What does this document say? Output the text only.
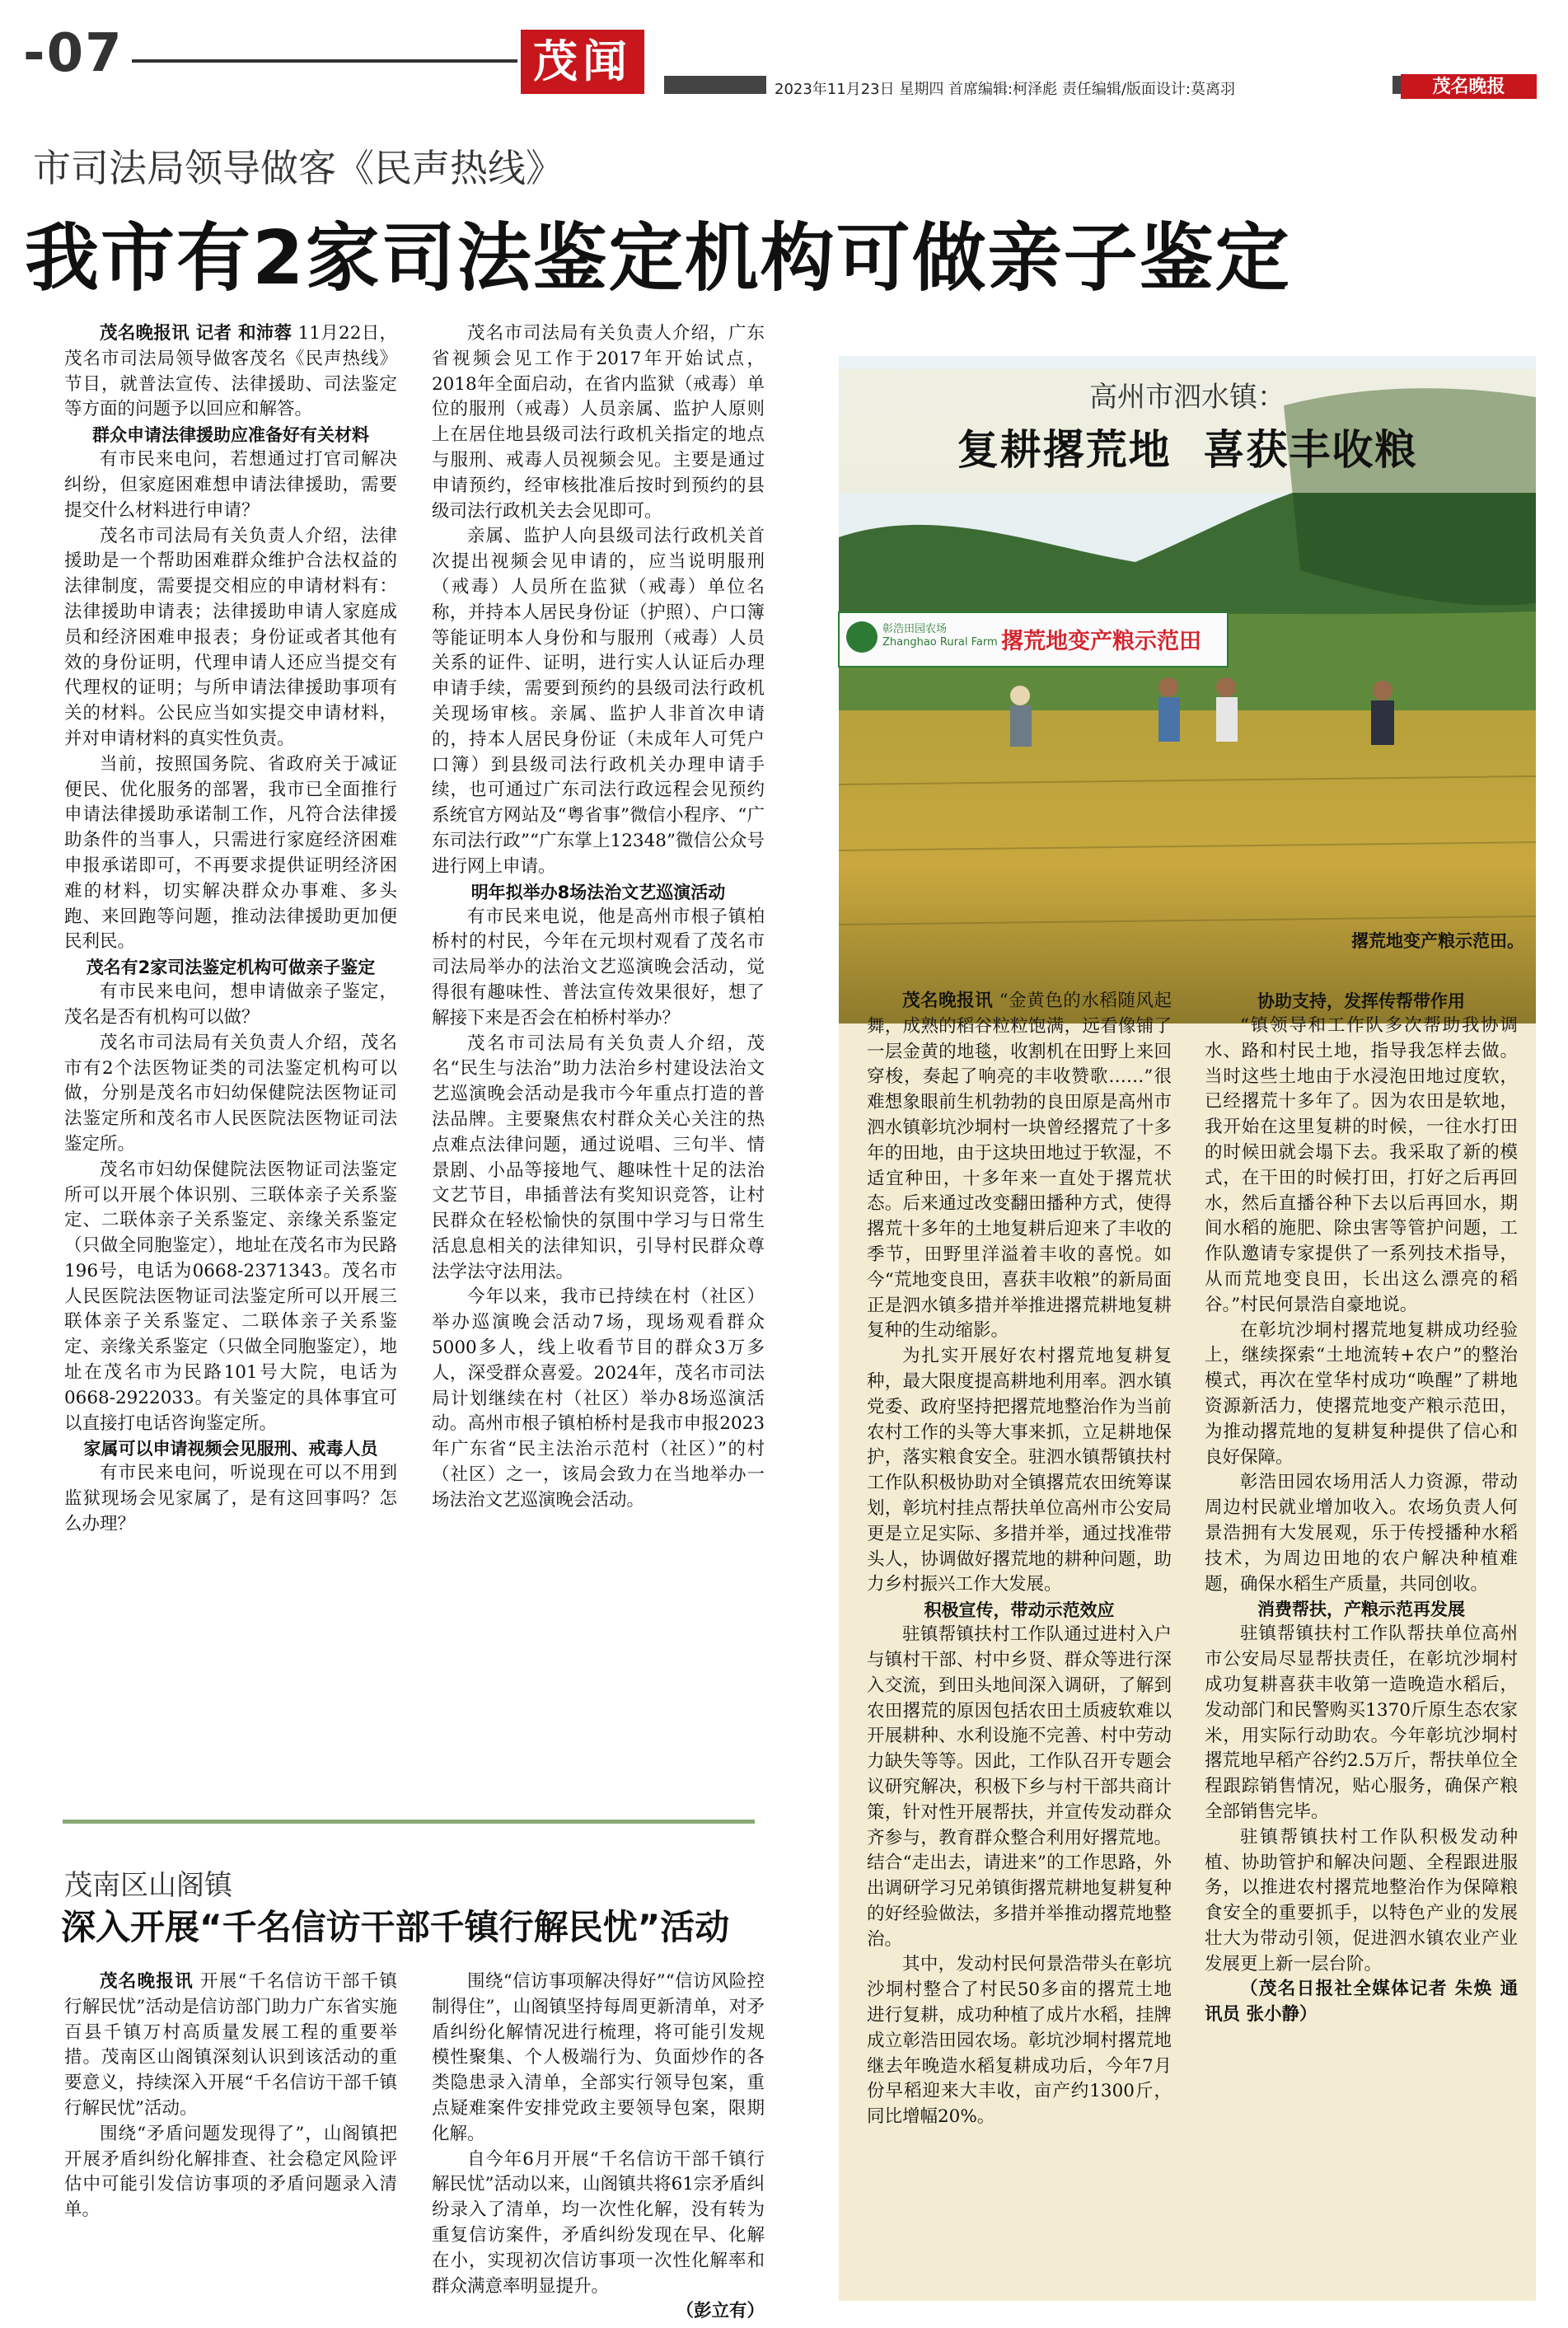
-07	茂闻
2023年11月23日 星期四 首席编辑:柯泽彪 责任编辑/版面设计:莫离羽	茂名晚报
市司法局领导做客《民声热线》
我市有2家司法鉴定机构可做亲子鉴定

茂名晚报讯 记者 和沛蓉 11月22日，茂名市司法局领导做客茂名《民声热线》节目，就普法宣传、法律援助、司法鉴定等方面的问题予以回应和解答。

群众申请法律援助应准备好有关材料

有市民来电问，若想通过打官司解决纠纷，但家庭困难想申请法律援助，需要提交什么材料进行申请？

茂名市司法局有关负责人介绍，法律援助是一个帮助困难群众维护合法权益的法律制度，需要提交相应的申请材料有：法律援助申请表；法律援助申请人家庭成员和经济困难申报表；身份证或者其他有效的身份证明，代理申请人还应当提交有代理权的证明；与所申请法律援助事项有关的材料。公民应当如实提交申请材料，并对申请材料的真实性负责。

当前，按照国务院、省政府关于减证便民、优化服务的部署，我市已全面推行申请法律援助承诺制工作，凡符合法律援助条件的当事人，只需进行家庭经济困难申报承诺即可，不再要求提供证明经济困难的材料，切实解决群众办事难、多头跑、来回跑等问题，推动法律援助更加便民利民。

茂名有2家司法鉴定机构可做亲子鉴定

有市民来电问，想申请做亲子鉴定，茂名是否有机构可以做？

茂名市司法局有关负责人介绍，茂名市有2个法医物证类的司法鉴定机构可以做，分别是茂名市妇幼保健院法医物证司法鉴定所和茂名市人民医院法医物证司法鉴定所。

茂名市妇幼保健院法医物证司法鉴定所可以开展个体识别、三联体亲子关系鉴定、二联体亲子关系鉴定、亲缘关系鉴定（只做全同胞鉴定），地址在茂名市为民路196号，电话为0668-2371343。茂名市人民医院法医物证司法鉴定所可以开展三联体亲子关系鉴定、二联体亲子关系鉴定、亲缘关系鉴定（只做全同胞鉴定），地址在茂名市为民路101号大院，电话为0668-2922033。有关鉴定的具体事宜可以直接打电话咨询鉴定所。

家属可以申请视频会见服刑、戒毒人员

有市民来电问，听说现在可以不用到监狱现场会见家属了，是有这回事吗？怎么办理？

茂名市司法局有关负责人介绍，广东省视频会见工作于2017年开始试点，2018年全面启动，在省内监狱（戒毒）单位的服刑（戒毒）人员亲属、监护人原则上在居住地县级司法行政机关指定的地点与服刑、戒毒人员视频会见。主要是通过申请预约，经审核批准后按时到预约的县级司法行政机关去会见即可。

亲属、监护人向县级司法行政机关首次提出视频会见申请的，应当说明服刑（戒毒）人员所在监狱（戒毒）单位名称，并持本人居民身份证（护照）、户口簿等能证明本人身份和与服刑（戒毒）人员关系的证件、证明，进行实人认证后办理申请手续，需要到预约的县级司法行政机关现场审核。亲属、监护人非首次申请的，持本人居民身份证（未成年人可凭户口簿）到县级司法行政机关办理申请手续，也可通过广东司法行政远程会见预约系统官方网站及“粤省事”微信小程序、“广东司法行政”“广东掌上12348”微信公众号进行网上申请。

明年拟举办8场法治文艺巡演活动

有市民来电说，他是高州市根子镇柏桥村的村民，今年在元坝村观看了茂名市司法局举办的法治文艺巡演晚会活动，觉得很有趣味性、普法宣传效果很好，想了解接下来是否会在柏桥村举办？

茂名市司法局有关负责人介绍，茂名“民生与法治”助力法治乡村建设法治文艺巡演晚会活动是我市今年重点打造的普法品牌。主要聚焦农村群众关心关注的热点难点法律问题，通过说唱、三句半、情景剧、小品等接地气、趣味性十足的法治文艺节目，串插普法有奖知识竞答，让村民群众在轻松愉快的氛围中学习与日常生活息息相关的法律知识，引导村民群众尊法学法守法用法。

今年以来，我市已持续在村（社区）举办巡演晚会活动7场，现场观看群众5000多人，线上收看节目的群众3万多人，深受群众喜爱。2024年，茂名市司法局计划继续在村（社区）举办8场巡演活动。高州市根子镇柏桥村是我市申报2023年广东省“民主法治示范村（社区）”的村（社区）之一，该局会致力在当地举办一场法治文艺巡演晚会活动。

茂南区山阁镇
深入开展“千名信访干部千镇行解民忧”活动

茂名晚报讯 开展“千名信访干部千镇行解民忧”活动是信访部门助力广东省实施百县千镇万村高质量发展工程的重要举措。茂南区山阁镇深刻认识到该活动的重要意义，持续深入开展“千名信访干部千镇行解民忧”活动。

围绕“矛盾问题发现得了”，山阁镇把开展矛盾纠纷化解排查、社会稳定风险评估中可能引发信访事项的矛盾问题录入清单。

围绕“信访事项解决得好”“信访风险控制得住”，山阁镇坚持每周更新清单，对矛盾纠纷化解情况进行梳理，将可能引发规模性聚集、个人极端行为、负面炒作的各类隐患录入清单，全部实行领导包案，重点疑难案件安排党政主要领导包案，限期化解。

自今年6月开展“千名信访干部千镇行解民忧”活动以来，山阁镇共将61宗矛盾纠纷录入了清单，均一次性化解，没有转为重复信访案件，矛盾纠纷发现在早、化解在小，实现初次信访事项一次性化解率和群众满意率明显提升。

（彭立有）

彰浩田园农场 Zhanghao Rural Farm 撂荒地变产粮示范田
高州市泗水镇：
复耕撂荒地  喜获丰收粮
撂荒地变产粮示范田。

茂名晚报讯 “金黄色的水稻随风起舞，成熟的稻谷粒粒饱满，远看像铺了一层金黄的地毯，收割机在田野上来回穿梭，奏起了响亮的丰收赞歌……”很难想象眼前生机勃勃的良田原是高州市泗水镇彰坑沙垌村一块曾经撂荒了十多年的田地，由于这块田地过于软湿，不适宜种田，十多年来一直处于撂荒状态。后来通过改变翻田播种方式，使得撂荒十多年的土地复耕后迎来了丰收的季节，田野里洋溢着丰收的喜悦。如今“荒地变良田，喜获丰收粮”的新局面正是泗水镇多措并举推进撂荒耕地复耕复种的生动缩影。

为扎实开展好农村撂荒地复耕复种，最大限度提高耕地利用率。泗水镇党委、政府坚持把撂荒地整治作为当前农村工作的头等大事来抓，立足耕地保护，落实粮食安全。驻泗水镇帮镇扶村工作队积极协助对全镇撂荒农田统筹谋划，彰坑村挂点帮扶单位高州市公安局更是立足实际、多措并举，通过找准带头人，协调做好撂荒地的耕种问题，助力乡村振兴工作大发展。

积极宣传，带动示范效应

驻镇帮镇扶村工作队通过进村入户与镇村干部、村中乡贤、群众等进行深入交流，到田头地间深入调研，了解到农田撂荒的原因包括农田土质疲软难以开展耕种、水利设施不完善、村中劳动力缺失等等。因此，工作队召开专题会议研究解决，积极下乡与村干部共商计策，针对性开展帮扶，并宣传发动群众齐参与，教育群众整合利用好撂荒地。结合“走出去，请进来”的工作思路，外出调研学习兄弟镇街撂荒耕地复耕复种的好经验做法，多措并举推动撂荒地整治。

其中，发动村民何景浩带头在彰坑沙垌村整合了村民50多亩的撂荒土地进行复耕，成功种植了成片水稻，挂牌成立彰浩田园农场。彰坑沙垌村撂荒地继去年晚造水稻复耕成功后，今年7月份早稻迎来大丰收，亩产约1300斤，同比增幅20%。

协助支持，发挥传帮带作用

“镇领导和工作队多次帮助我协调水、路和村民土地，指导我怎样去做。当时这些土地由于水浸泡田地过度软，已经撂荒十多年了。因为农田是软地，我开始在这里复耕的时候，一往水打田的时候田就会塌下去。我采取了新的模式，在干田的时候打田，打好之后再回水，然后直播谷种下去以后再回水，期间水稻的施肥、除虫害等管护问题，工作队邀请专家提供了一系列技术指导，从而荒地变良田，长出这么漂亮的稻谷。”村民何景浩自豪地说。

在彰坑沙垌村撂荒地复耕成功经验上，继续探索“土地流转+农户”的整治模式，再次在堂华村成功“唤醒”了耕地资源新活力，使撂荒地变产粮示范田，为推动撂荒地的复耕复种提供了信心和良好保障。

彰浩田园农场用活人力资源，带动周边村民就业增加收入。农场负责人何景浩拥有大发展观，乐于传授播种水稻技术，为周边田地的农户解决种植难题，确保水稻生产质量，共同创收。

消费帮扶，产粮示范再发展

驻镇帮镇扶村工作队帮扶单位高州市公安局尽显帮扶责任，在彰坑沙垌村成功复耕喜获丰收第一造晚造水稻后，发动部门和民警购买1370斤原生态农家米，用实际行动助农。今年彰坑沙垌村撂荒地早稻产谷约2.5万斤，帮扶单位全程跟踪销售情况，贴心服务，确保产粮全部销售完毕。

驻镇帮镇扶村工作队积极发动种植、协助管护和解决问题、全程跟进服务，以推进农村撂荒地整治作为保障粮食安全的重要抓手，以特色产业的发展壮大为带动引领，促进泗水镇农业产业发展更上新一层台阶。

（茂名日报社全媒体记者 朱焕 通讯员 张小静）
